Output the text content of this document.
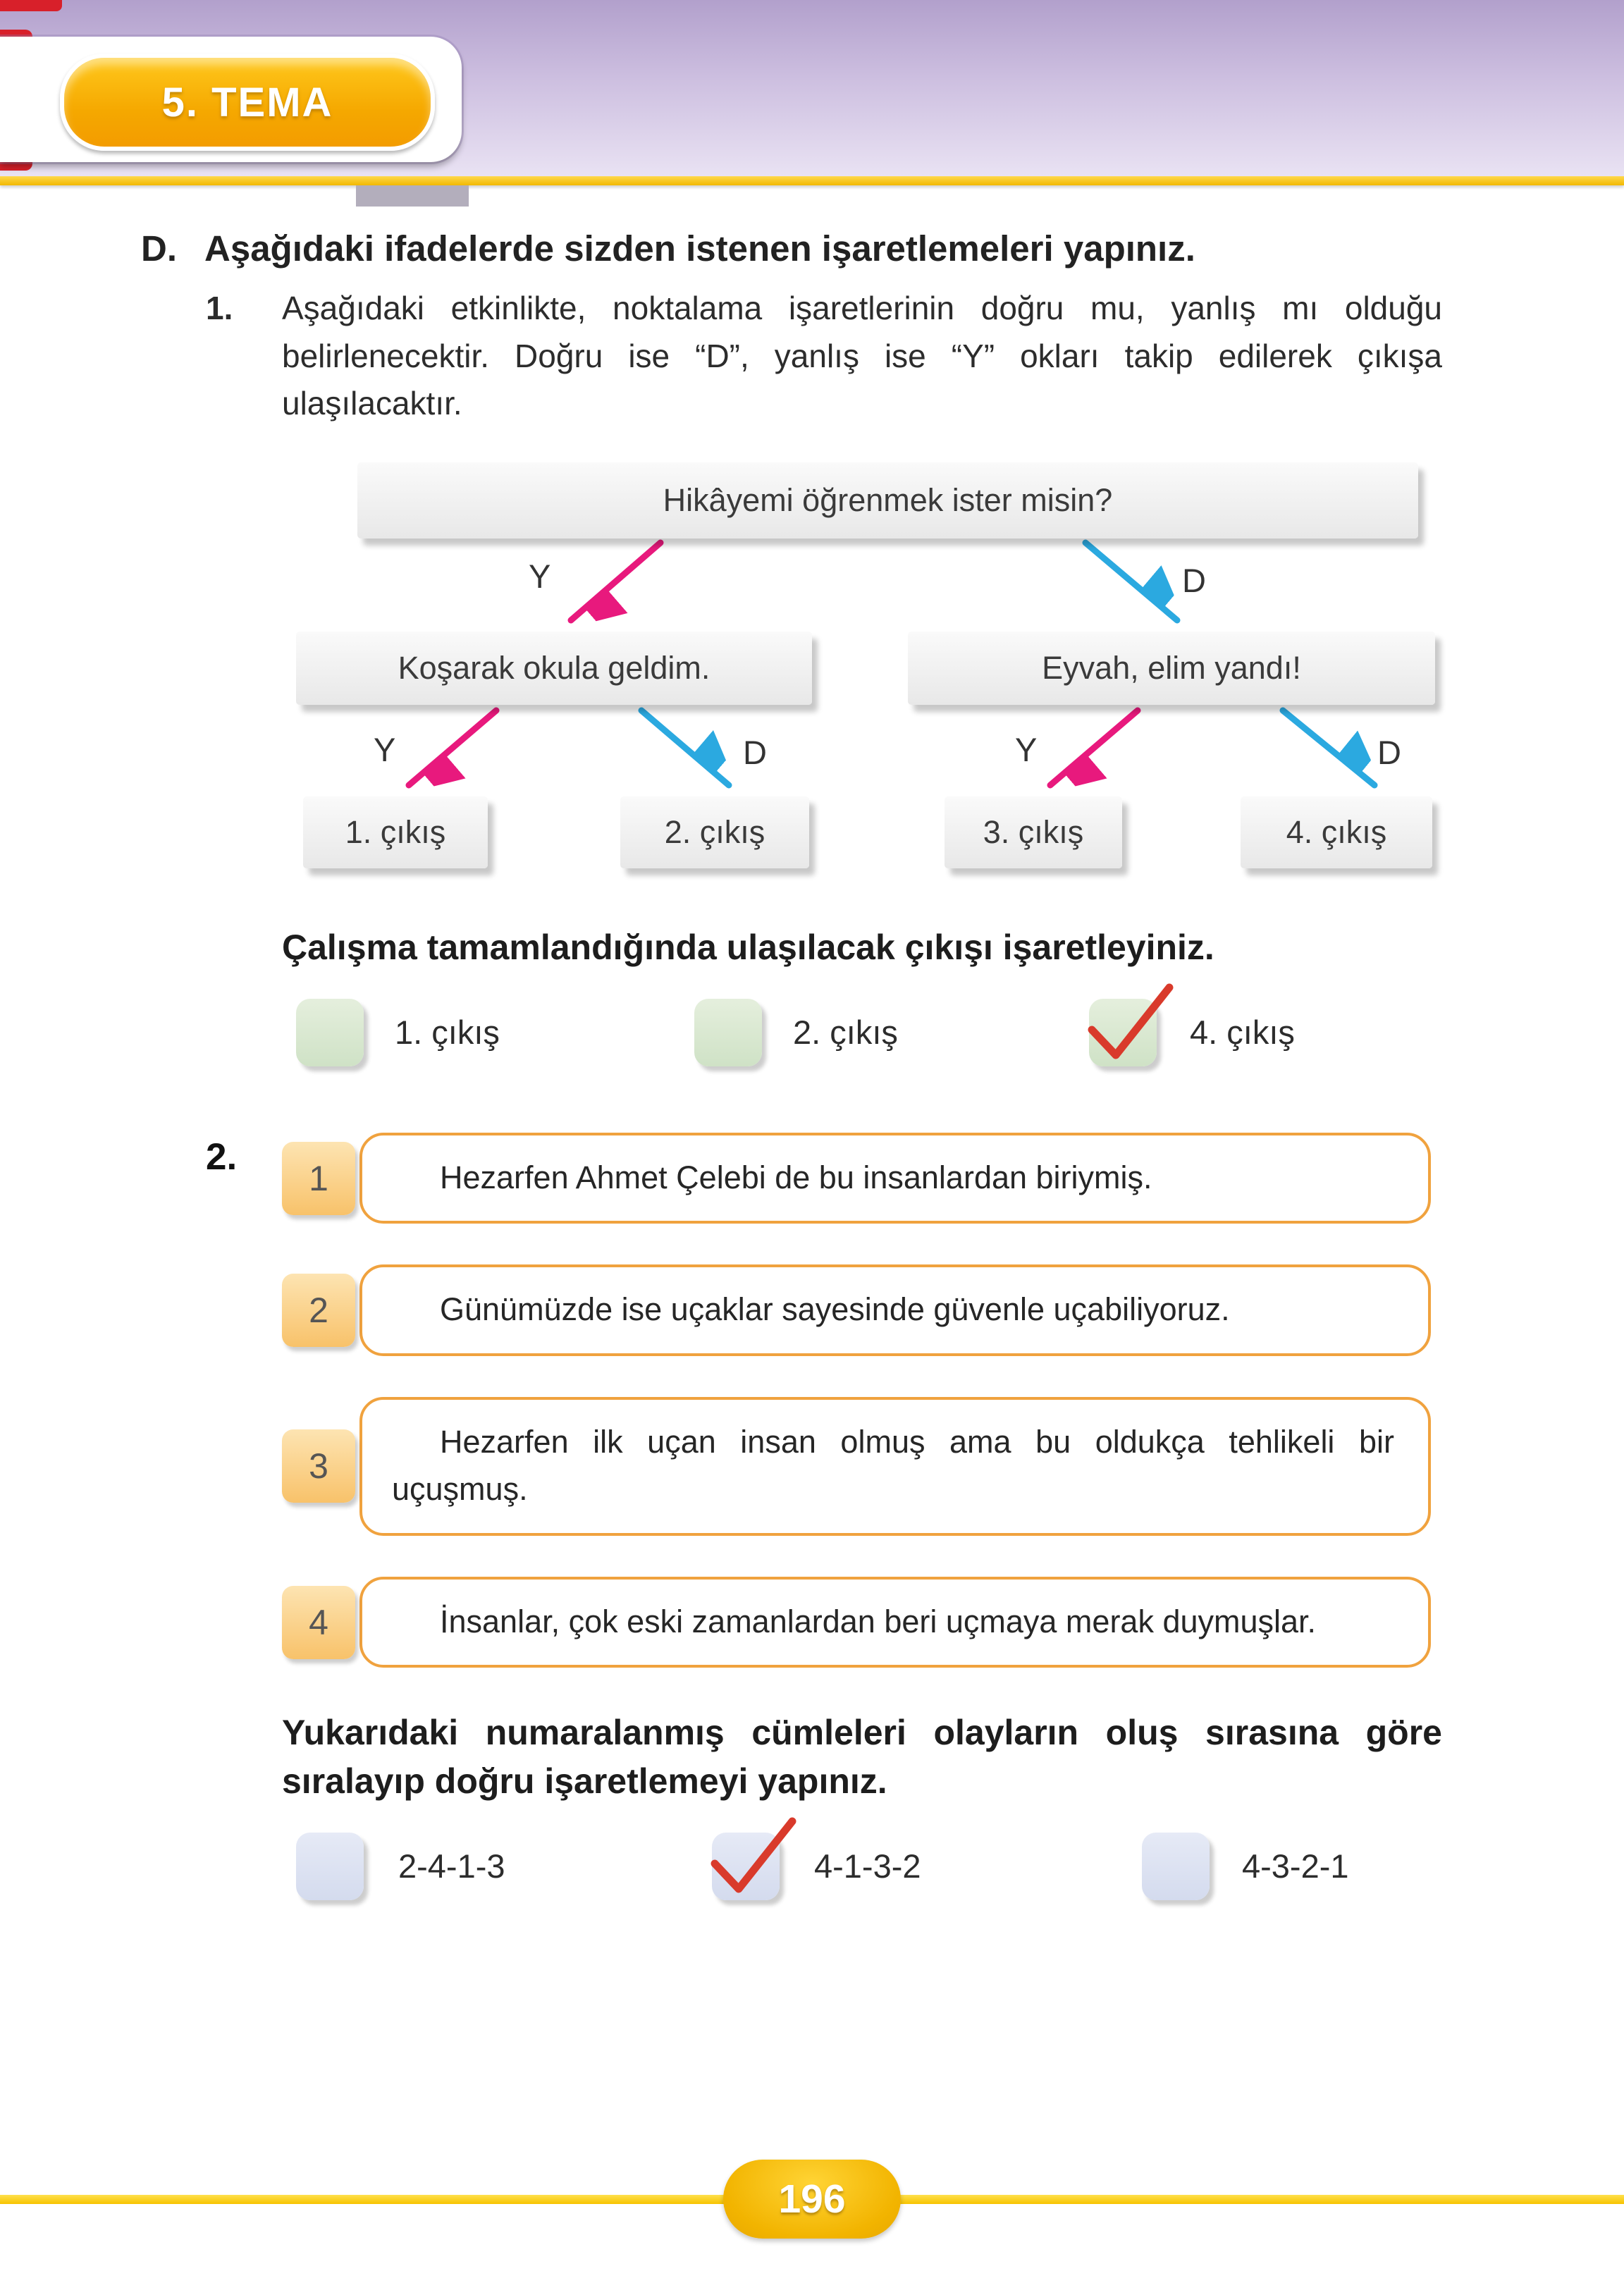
5. TEMA
D. Aşağıdaki ifadelerde sizden istenen işaretlemeleri yapınız.
1.	Aşağıdaki etkinlikte, noktalama işaretlerinin doğru mu, yanlış mı olduğu belirlenecektir. Doğru ise “D”, yanlış ise “Y” okları takip edilerek çıkışa ulaşılacaktır.
Hikâyemi öğrenmek ister misin?
Y	D
Koşarak okula geldim.	Eyvah, elim yandı!
Y	D	Y	D
1. çıkış	2. çıkış	3. çıkış	4. çıkış
Çalışma tamamlandığında ulaşılacak çıkışı işaretleyiniz.
1. çıkış	2. çıkış	4. çıkış
2.
1	Hezarfen Ahmet Çelebi de bu insanlardan biriymiş.

2	Günümüzde ise uçaklar sayesinde güvenle uçabiliyoruz.

3

Hezarfen ilk uçan insan olmuş ama bu oldukça tehlikeli bir uçuşmuş.

4	İnsanlar, çok eski zamanlardan beri uçmaya merak duymuşlar.

Yukarıdaki numaralanmış cümleleri olayların oluş sırasına göre sıralayıp doğru işaretlemeyi yapınız.
2-4-1-3	4-1-3-2	4-3-2-1
196
